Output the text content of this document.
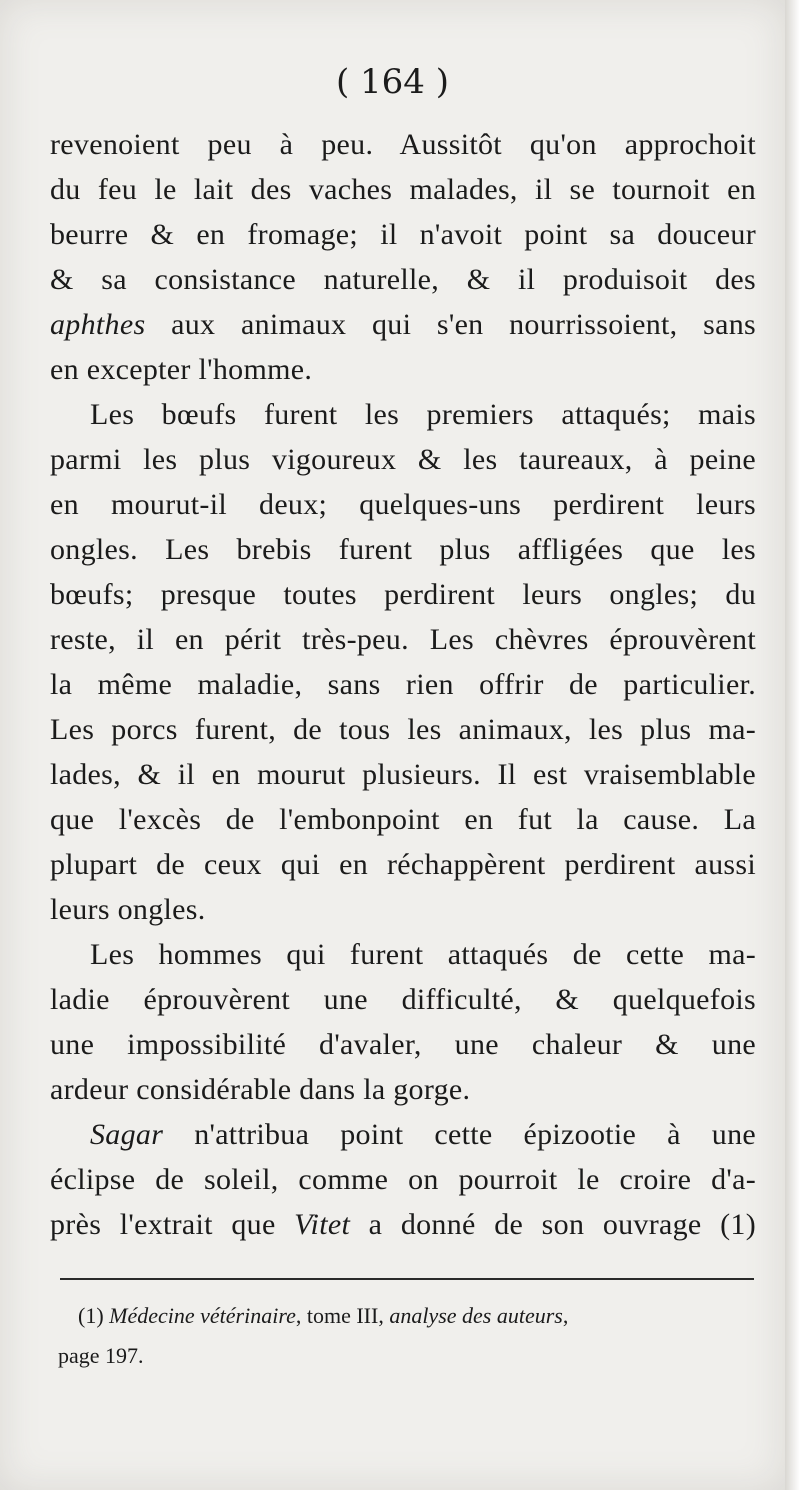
( 164 )

revenoient peu à peu. Aussitôt qu'on approchoit
du feu le lait des vaches malades, il se tournoit en
beurre & en fromage; il n'avoit point sa douceur
& sa consistance naturelle, & il produisoit des
aphthes aux animaux qui s'en nourrissoient, sans
en excepter l'homme.
Les bœufs furent les premiers attaqués; mais
parmi les plus vigoureux & les taureaux, à peine
en mourut-il deux; quelques-uns perdirent leurs
ongles. Les brebis furent plus affligées que les
bœufs; presque toutes perdirent leurs ongles; du
reste, il en périt très-peu. Les chèvres éprouvèrent
la même maladie, sans rien offrir de particulier.
Les porcs furent, de tous les animaux, les plus ma-
lades, & il en mourut plusieurs. Il est vraisemblable
que l'excès de l'embonpoint en fut la cause. La
plupart de ceux qui en réchappèrent perdirent aussi
leurs ongles.
Les hommes qui furent attaqués de cette ma-
ladie éprouvèrent une difficulté, & quelquefois
une impossibilité d'avaler, une chaleur & une
ardeur considérable dans la gorge.
Sagar n'attribua point cette épizootie à une
éclipse de soleil, comme on pourroit le croire d'a-
près l'extrait que Vitet a donné de son ouvrage (1)
(1) Médecine vétérinaire, tome III, analyse des auteurs,
page 197.
